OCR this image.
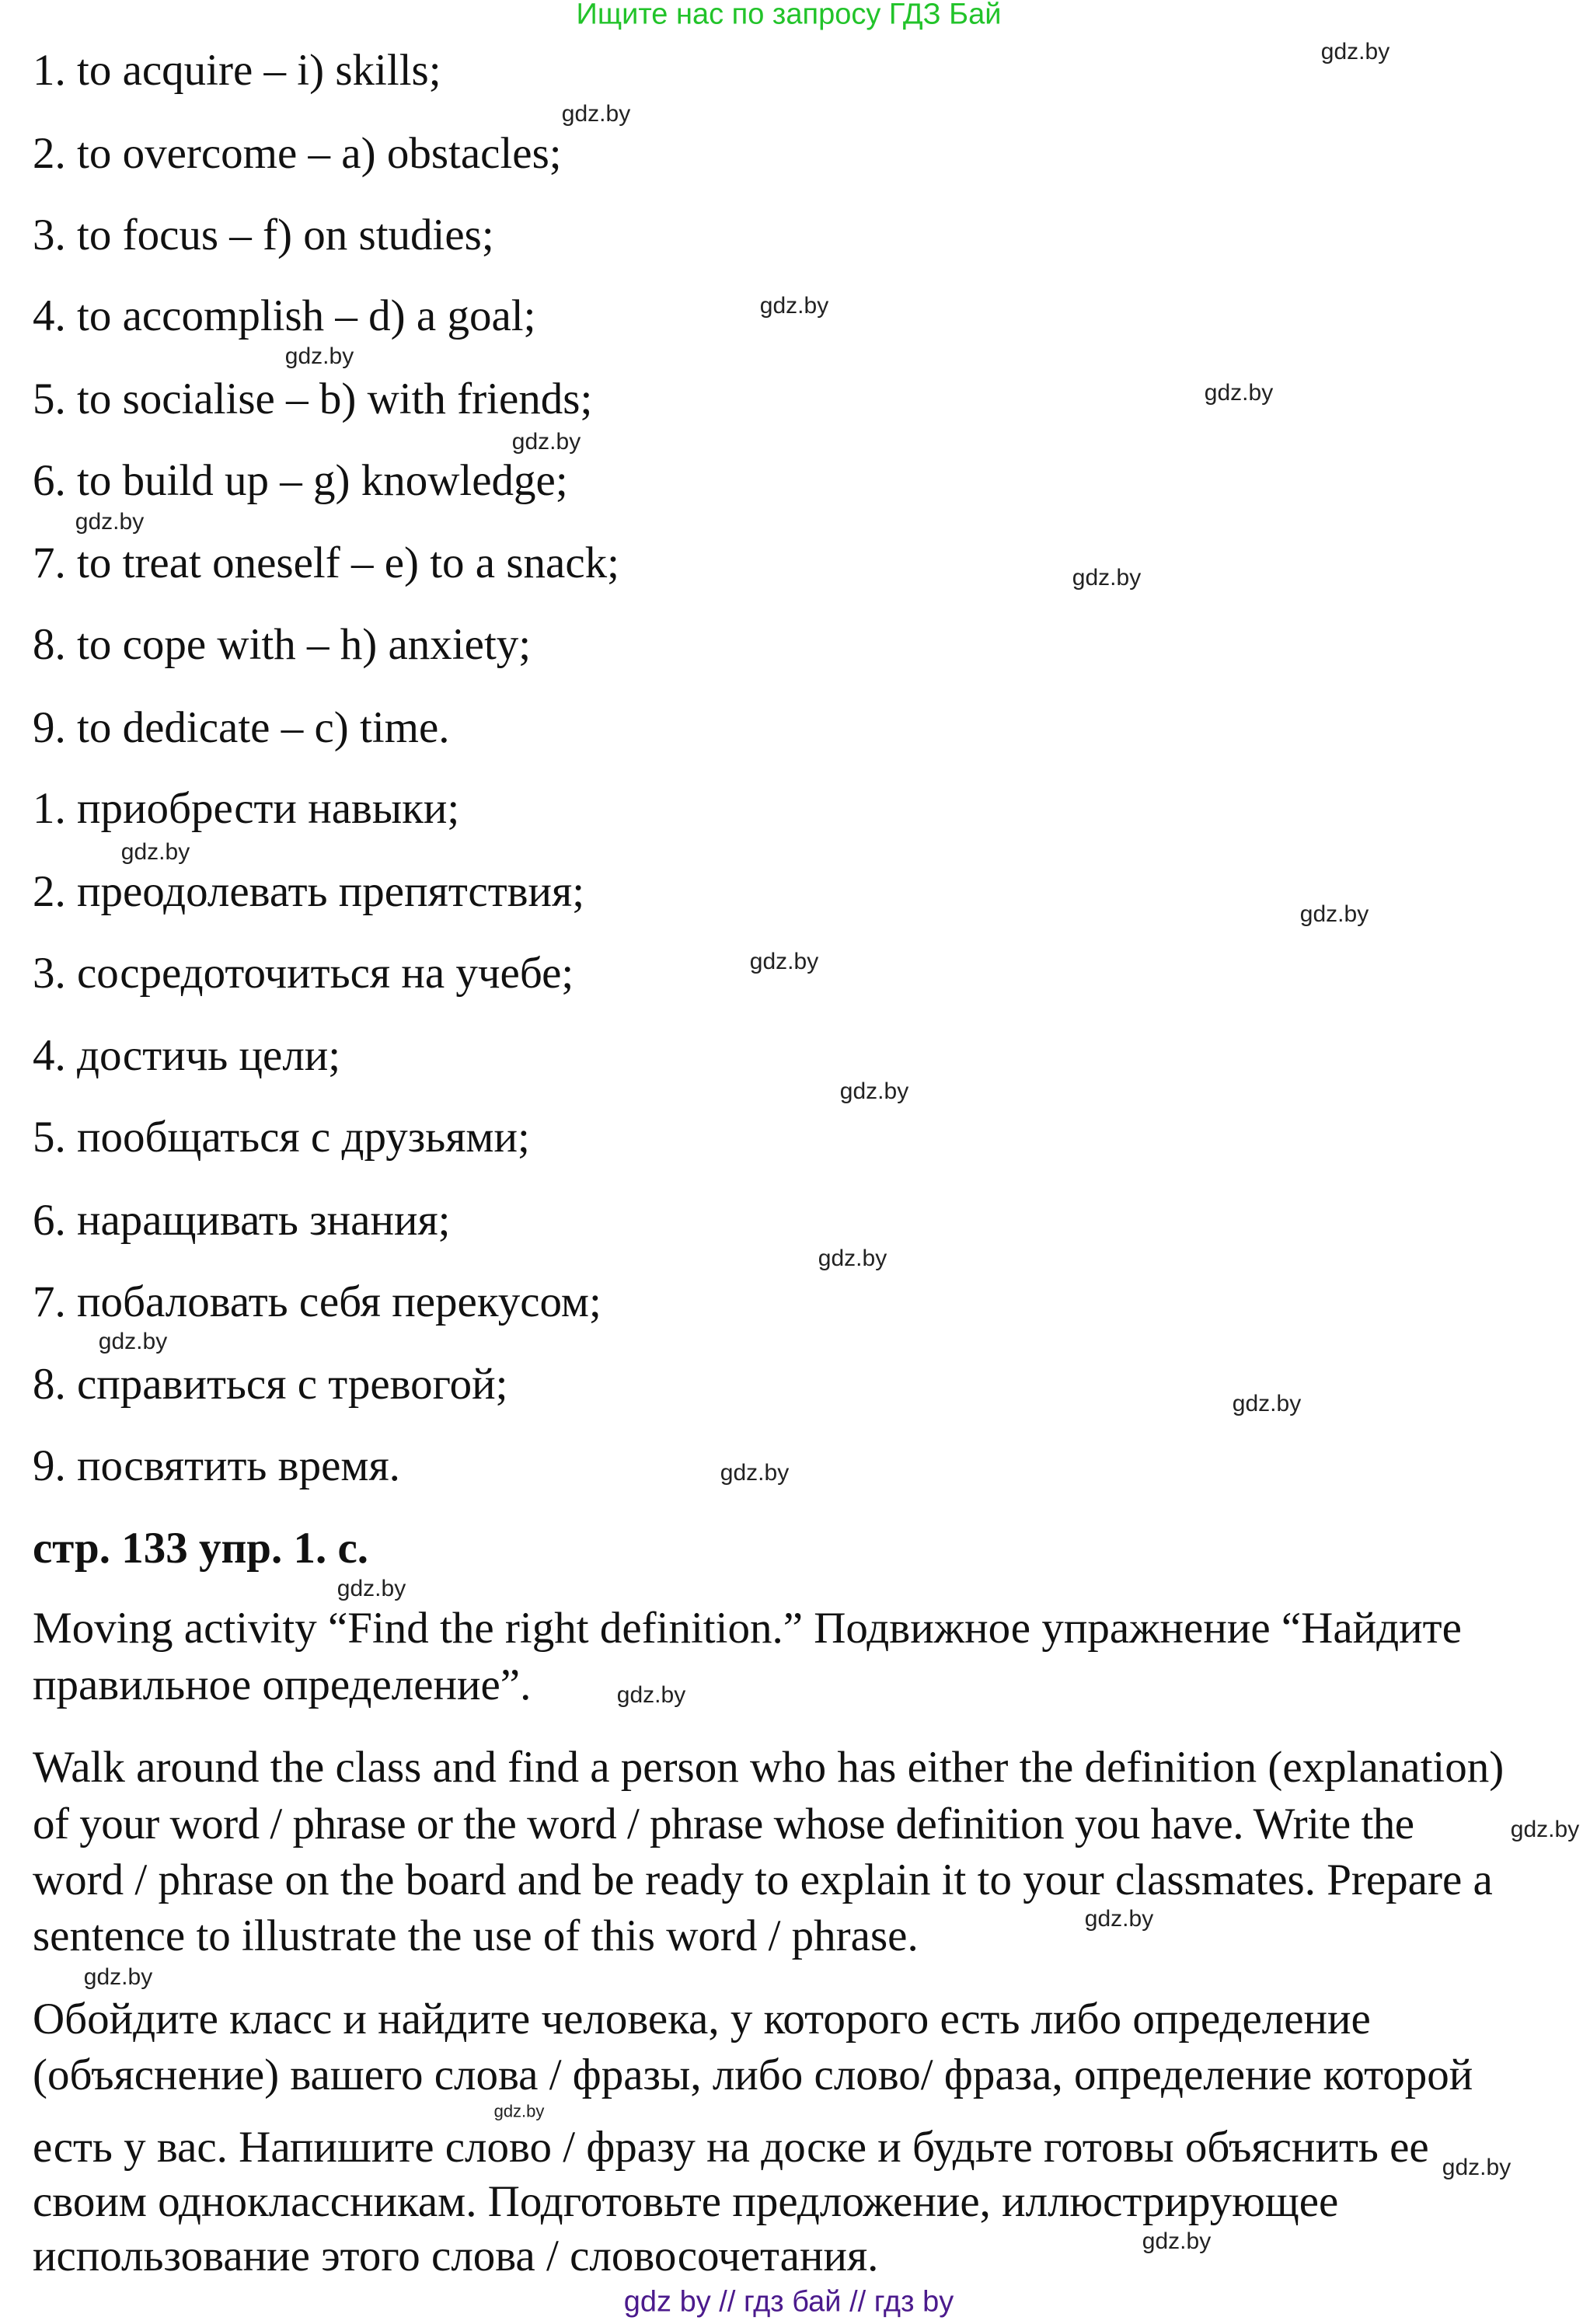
Ищите нас по запросу ГДЗ Бай
1. to acquire – i) skills;
2. to overcome – a) obstacles;
3. to focus – f) on studies;
4. to accomplish – d) a goal;
5. to socialise – b) with friends;
6. to build up – g) knowledge;
7. to treat oneself – e) to a snack;
8. to cope with – h) anxiety;
9. to dedicate – c) time.
1. приобрести навыки;
2. преодолевать препятствия;
3. сосредоточиться на учебе;
4. достичь цели;
5. пообщаться с друзьями;
6. наращивать знания;
7. побаловать себя перекусом;
8. справиться с тревогой;
9. посвятить время.
стр. 133 упр. 1. с.
Moving activity “Find the right definition.” Подвижное упражнение “Найдите
правильное определение”.
Walk around the class and find a person who has either the definition (explanation)
of your word / phrase or the word / phrase whose definition you have. Write the
word / phrase on the board and be ready to explain it to your classmates. Prepare a
sentence to illustrate the use of this word / phrase.
Обойдите класс и найдите человека, у которого есть либо определение
(объяснение) вашего слова / фразы, либо слово/ фраза, определение которой
есть у вас. Напишите слово / фразу на доске и будьте готовы объяснить ее
своим одноклассникам. Подготовьте предложение, иллюстрирующее
использование этого слова / словосочетания.
gdz.by
gdz.by
gdz.by
gdz.by
gdz.by
gdz.by
gdz.by
gdz.by
gdz.by
gdz.by
gdz.by
gdz.by
gdz.by
gdz.by
gdz.by
gdz.by
gdz.by
gdz.by
gdz.by
gdz.by
gdz.by
gdz.by
gdz.by
gdz.by
gdz by // гдз бай // гдз by
